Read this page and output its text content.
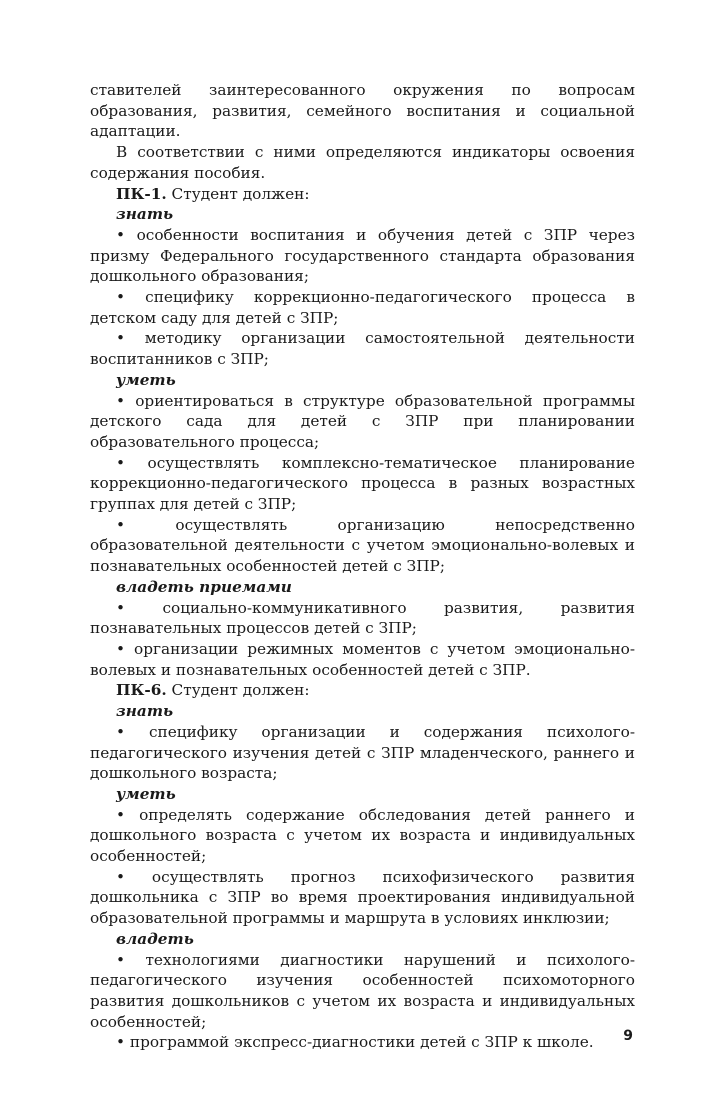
ставителей заинтересованного окружения по вопросам образования, развития, семейного воспитания и социальной адаптации.

В соответствии с ними определяются индикаторы освоения содержания пособия.

ПК-1. Студент должен:

знать

• особенности воспитания и обучения детей с ЗПР через призму Федерального государственного стандарта образования дошкольного образования;

• специфику коррекционно-педагогического процесса в детском саду для детей с ЗПР;

• методику организации самостоятельной деятельности воспитанников с ЗПР;

уметь

• ориентироваться в структуре образовательной программы детского сада для детей с ЗПР при планировании образовательного процесса;

• осуществлять комплексно-тематическое планирование коррекционно-педагогического процесса в разных возрастных группах для детей с ЗПР;

• осуществлять организацию непосредственно образовательной деятельности с учетом эмоционально-волевых и познавательных особенностей детей с ЗПР;

владеть приемами

• социально-коммуникативного развития, развития познавательных процессов детей с ЗПР;

• организации режимных моментов с учетом эмоционально-волевых и познавательных особенностей детей с ЗПР.

ПК-6. Студент должен:

знать

• специфику организации и содержания психолого-педагогического изучения детей с ЗПР младенческого, раннего и дошкольного возраста;

уметь

• определять содержание обследования детей раннего и дошкольного возраста с учетом их возраста и индивидуальных особенностей;

• осуществлять прогноз психофизического развития дошкольника с ЗПР во время проектирования индивидуальной образовательной программы и маршрута в условиях инклюзии;

владеть

• технологиями диагностики нарушений и психолого-педагогического изучения особенностей психомоторного развития дошкольников с учетом их возраста и индивидуальных особенностей;

• программой экспресс-диагностики детей с ЗПР к школе.	9
